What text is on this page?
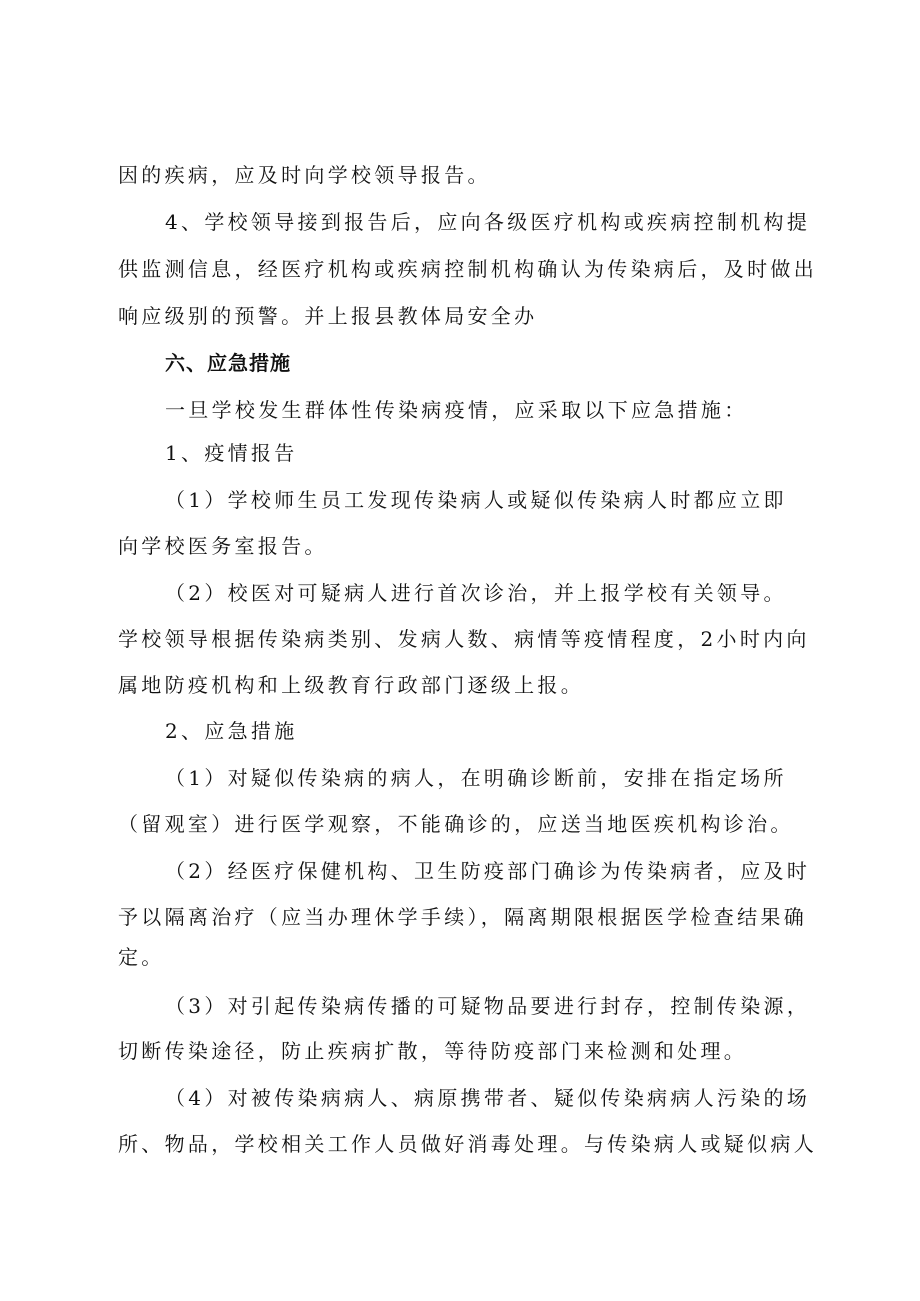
因的疾病，应及时向学校领导报告。
4、学校领导接到报告后，应向各级医疗机构或疾病控制机构提
供监测信息，经医疗机构或疾病控制机构确认为传染病后，及时做出
响应级别的预警。并上报县教体局安全办
六、应急措施
一旦学校发生群体性传染病疫情，应采取以下应急措施：
1、疫情报告
（1）学校师生员工发现传染病人或疑似传染病人时都应立即
向学校医务室报告。
（2）校医对可疑病人进行首次诊治，并上报学校有关领导。
学校领导根据传染病类别、发病人数、病情等疫情程度，2小时内向
属地防疫机构和上级教育行政部门逐级上报。
2、应急措施
（1）对疑似传染病的病人，在明确诊断前，安排在指定场所
（留观室）进行医学观察，不能确诊的，应送当地医疾机构诊治。
（2）经医疗保健机构、卫生防疫部门确诊为传染病者，应及时
予以隔离治疗（应当办理休学手续），隔离期限根据医学检查结果确
定。
（3）对引起传染病传播的可疑物品要进行封存，控制传染源，
切断传染途径，防止疾病扩散，等待防疫部门来检测和处理。
（4）对被传染病病人、病原携带者、疑似传染病病人污染的场
所、物品，学校相关工作人员做好消毒处理。与传染病人或疑似病人
